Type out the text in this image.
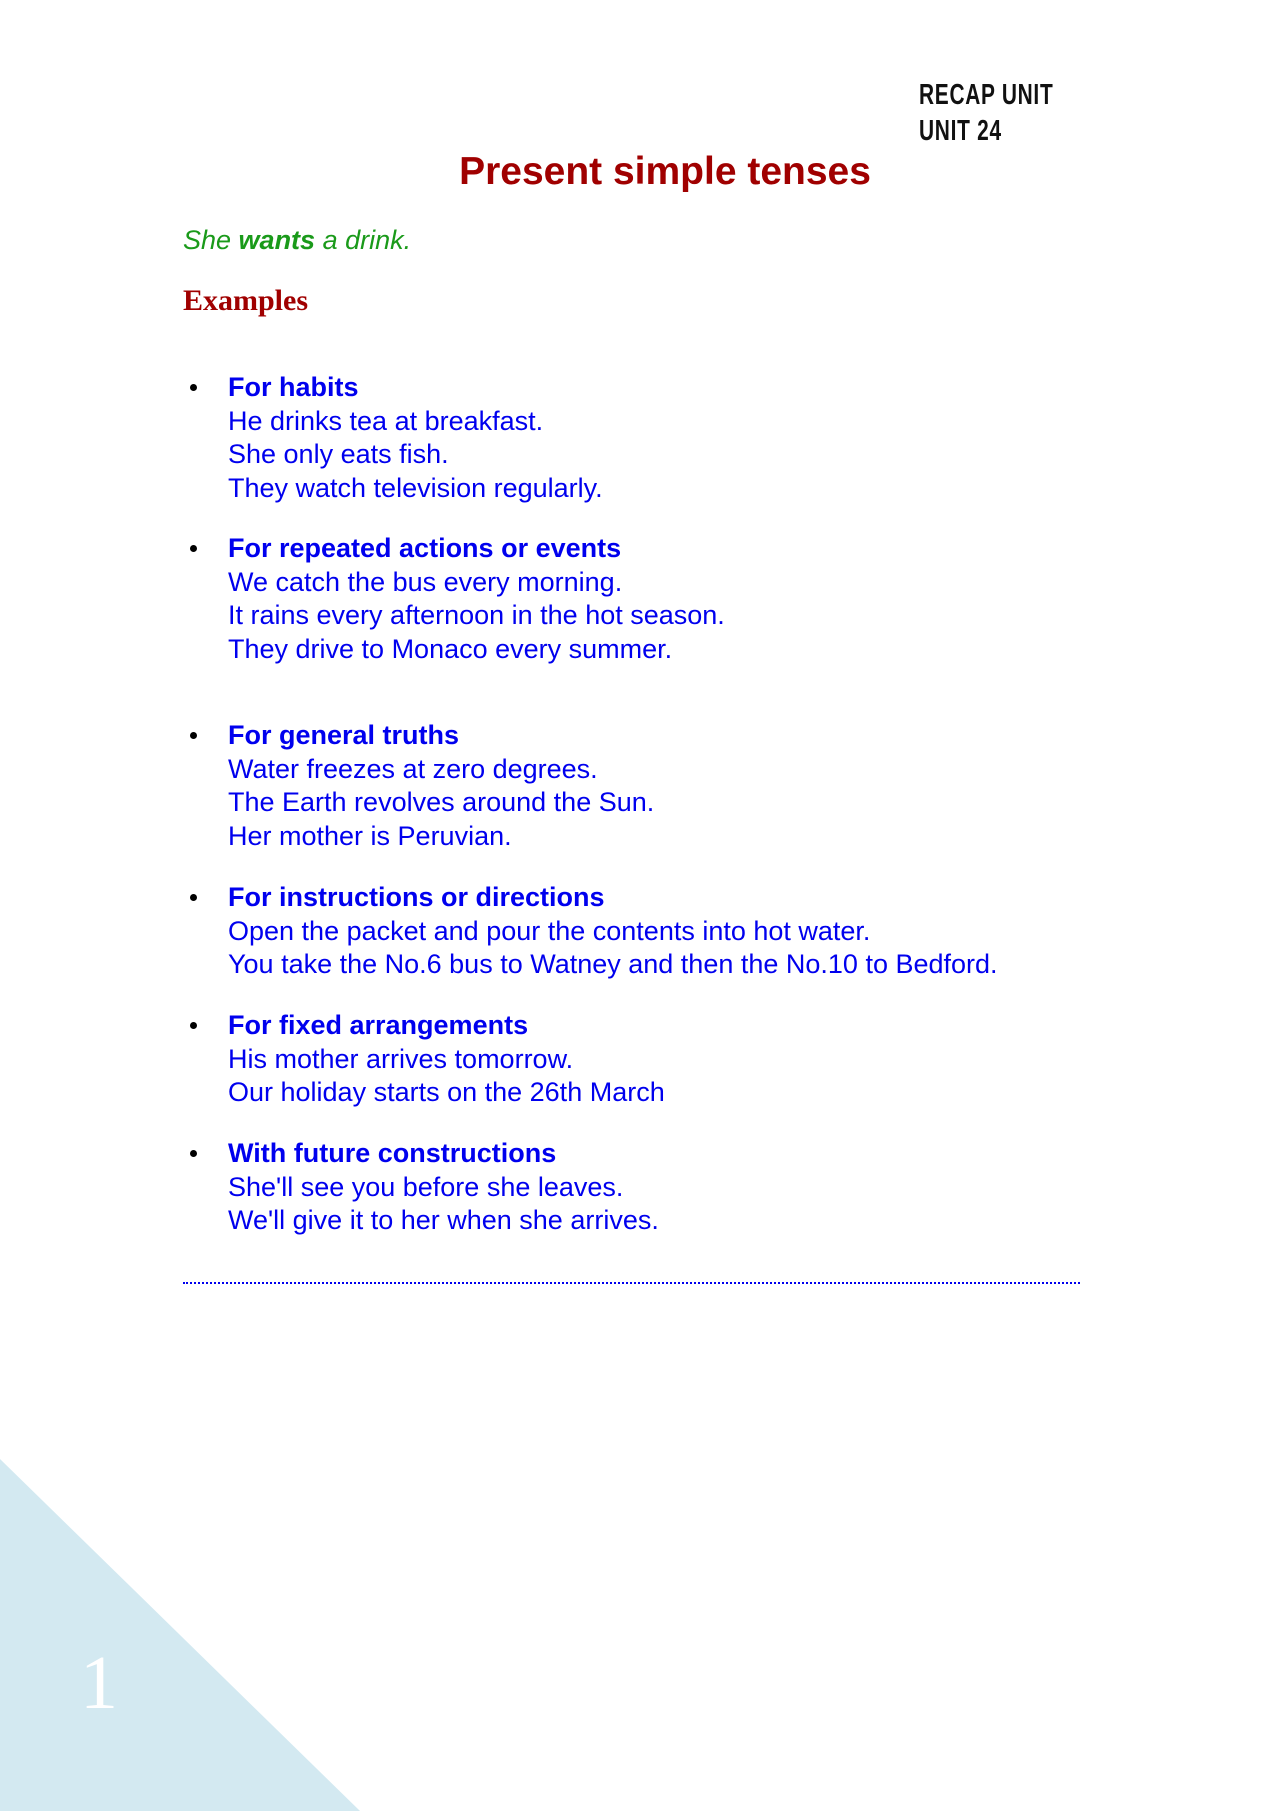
RECAP UNIT
UNIT 24
Present simple tenses
She wants a drink.
Examples
For habits
He drinks tea at breakfast.
She only eats fish.
They watch television regularly.
For repeated actions or events
We catch the bus every morning.
It rains every afternoon in the hot season.
They drive to Monaco every summer.
For general truths
Water freezes at zero degrees.
The Earth revolves around the Sun.
Her mother is Peruvian.
For instructions or directions
Open the packet and pour the contents into hot water.
You take the No.6 bus to Watney and then the No.10 to Bedford.
For fixed arrangements
His mother arrives tomorrow.
Our holiday starts on the 26th March
With future constructions
She'll see you before she leaves.
We'll give it to her when she arrives.
1
